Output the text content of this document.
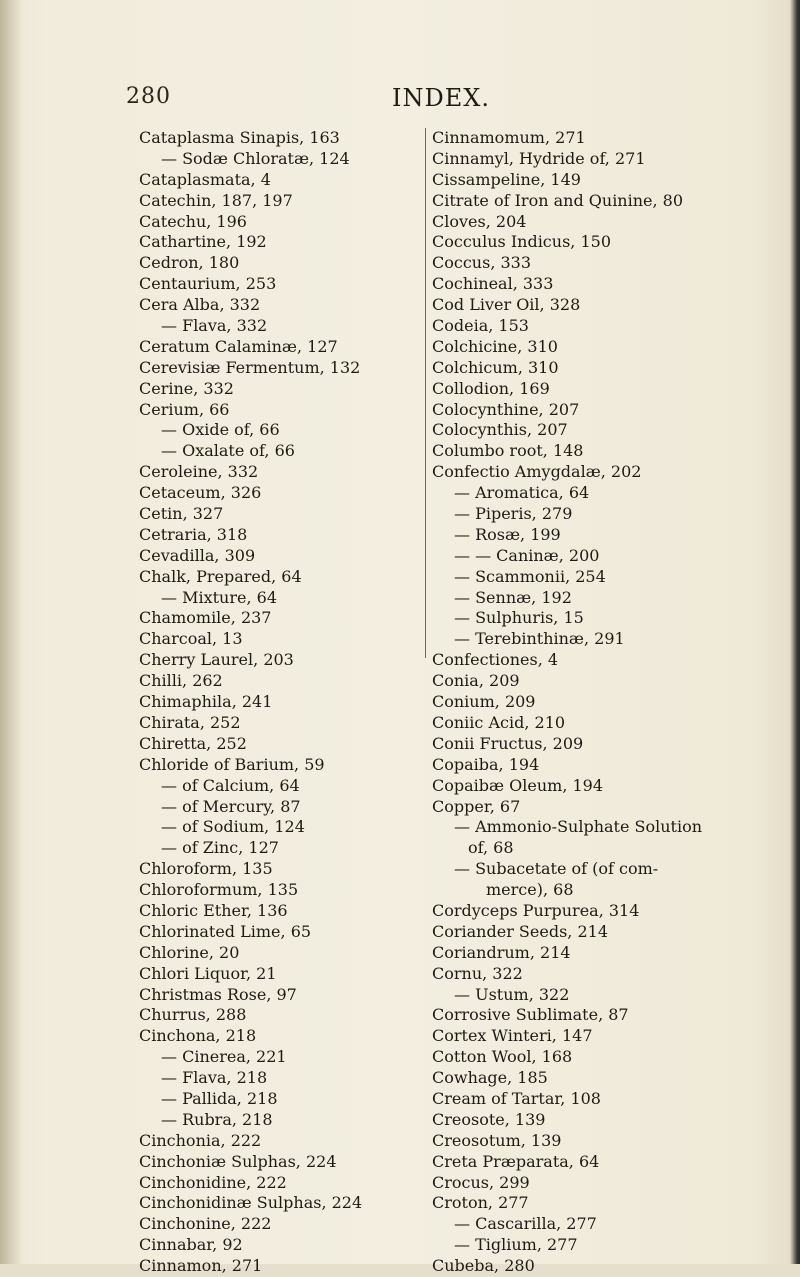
280	INDEX.
Cataplasma Sinapis, 163
— Sodæ Chloratæ, 124
Cataplasmata, 4
Catechin, 187, 197
Catechu, 196
Cathartine, 192
Cedron, 180
Centaurium, 253
Cera Alba, 332
— Flava, 332
Ceratum Calaminæ, 127
Cerevisiæ Fermentum, 132
Cerine, 332
Cerium, 66
— Oxide of, 66
— Oxalate of, 66
Ceroleine, 332
Cetaceum, 326
Cetin, 327
Cetraria, 318
Cevadilla, 309
Chalk, Prepared, 64
— Mixture, 64
Chamomile, 237
Charcoal, 13
Cherry Laurel, 203
Chilli, 262
Chimaphila, 241
Chirata, 252
Chiretta, 252
Chloride of Barium, 59
— of Calcium, 64
— of Mercury, 87
— of Sodium, 124
— of Zinc, 127
Chloroform, 135
Chloroformum, 135
Chloric Ether, 136
Chlorinated Lime, 65
Chlorine, 20
Chlori Liquor, 21
Christmas Rose, 97
Churrus, 288
Cinchona, 218
— Cinerea, 221
— Flava, 218
— Pallida, 218
— Rubra, 218
Cinchonia, 222
Cinchoniæ Sulphas, 224
Cinchonidine, 222
Cinchonidinæ Sulphas, 224
Cinchonine, 222
Cinnabar, 92
Cinnamon, 271
Cinnamomum, 271
Cinnamyl, Hydride of, 271
Cissampeline, 149
Citrate of Iron and Quinine, 80
Cloves, 204
Cocculus Indicus, 150
Coccus, 333
Cochineal, 333
Cod Liver Oil, 328
Codeia, 153
Colchicine, 310
Colchicum, 310
Collodion, 169
Colocynthine, 207
Colocynthis, 207
Columbo root, 148
Confectio Amygdalæ, 202
— Aromatica, 64
— Piperis, 279
— Rosæ, 199
— — Caninæ, 200
— Scammonii, 254
— Sennæ, 192
— Sulphuris, 15
— Terebinthinæ, 291
Confectiones, 4
Conia, 209
Conium, 209
Coniic Acid, 210
Conii Fructus, 209
Copaiba, 194
Copaibæ Oleum, 194
Copper, 67
— Ammonio-Sulphate Solution
of, 68
— Subacetate of (of com-
merce), 68
Cordyceps Purpurea, 314
Coriander Seeds, 214
Coriandrum, 214
Cornu, 322
— Ustum, 322
Corrosive Sublimate, 87
Cortex Winteri, 147
Cotton Wool, 168
Cowhage, 185
Cream of Tartar, 108
Creosote, 139
Creosotum, 139
Creta Præparata, 64
Crocus, 299
Croton, 277
— Cascarilla, 277
— Tiglium, 277
Cubeba, 280
